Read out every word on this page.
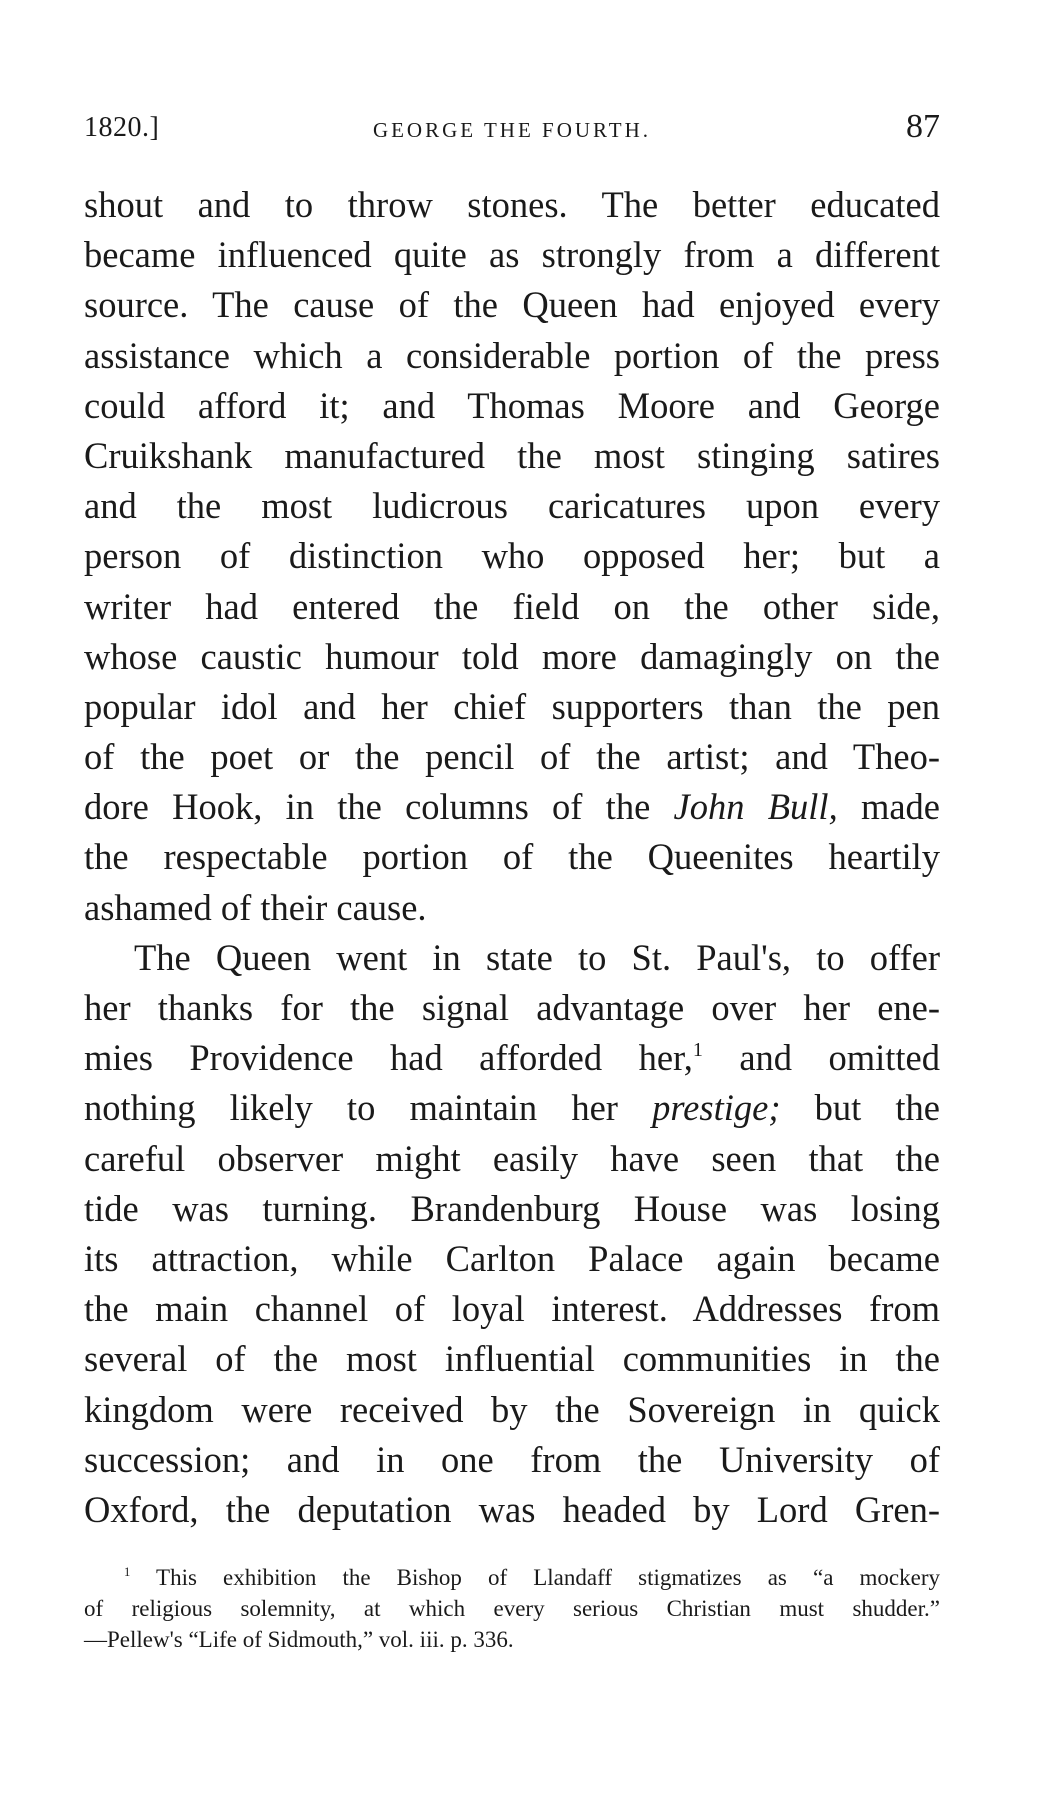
1820.]	GEORGE THE FOURTH.	87
shout and to throw stones. The better educated
became influenced quite as strongly from a different
source. The cause of the Queen had enjoyed every
assistance which a considerable portion of the press
could afford it; and Thomas Moore and George
Cruikshank manufactured the most stinging satires
and the most ludicrous caricatures upon every
person of distinction who opposed her; but a
writer had entered the field on the other side,
whose caustic humour told more damagingly on the
popular idol and her chief supporters than the pen
of the poet or the pencil of the artist; and Theo-
dore Hook, in the columns of the John Bull, made
the respectable portion of the Queenites heartily
ashamed of their cause.
The Queen went in state to St. Paul's, to offer
her thanks for the signal advantage over her ene-
mies Providence had afforded her,$^1$ and omitted
nothing likely to maintain her prestige; but the
careful observer might easily have seen that the
tide was turning. Brandenburg House was losing
its attraction, while Carlton Palace again became
the main channel of loyal interest. Addresses from
several of the most influential communities in the
kingdom were received by the Sovereign in quick
succession; and in one from the University of
Oxford, the deputation was headed by Lord Gren-
$^1$ This exhibition the Bishop of Llandaff stigmatizes as “a mockery
of religious solemnity, at which every serious Christian must shudder.”
—Pellew's “Life of Sidmouth,” vol. iii. p. 336.
